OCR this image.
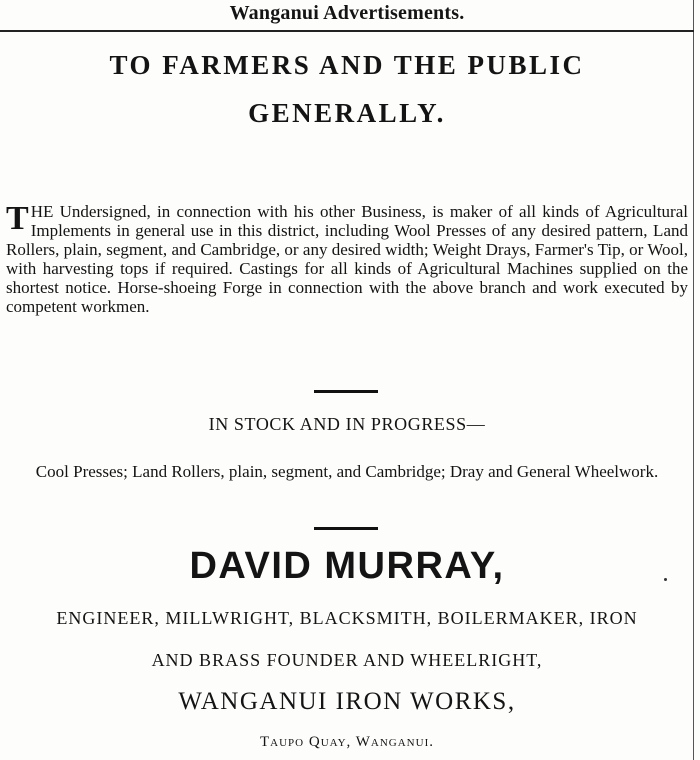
Wanganui Advertisements.
TO FARMERS AND THE PUBLIC
GENERALLY.

THE Undersigned, in connection with his other Business, is maker of all kinds of Agricultural Implements in general use in this district, including Wool Presses of any desired pattern, Land Rollers, plain, segment, and Cambridge, or any desired width; Weight Drays, Farmer's Tip, or Wool, with harvesting tops if required. Castings for all kinds of Agricultural Machines supplied on the shortest notice. Horse-shoeing Forge in connection with the above branch and work executed by competent workmen.

IN STOCK AND IN PROGRESS—

Cool Presses; Land Rollers, plain, segment, and Cambridge; Dray and General Wheelwork.

DAVID MURRAY,

ENGINEER, MILLWRIGHT, BLACKSMITH, BOILERMAKER, IRON

AND BRASS FOUNDER AND WHEELRIGHT,

WANGANUI IRON WORKS,

Taupo Quay, Wanganui.
